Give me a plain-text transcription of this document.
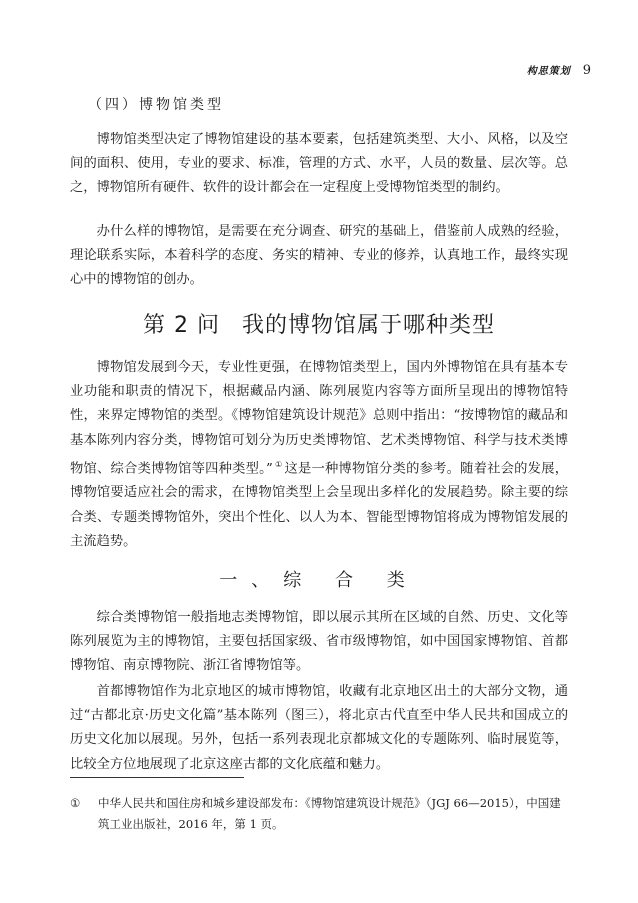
构思策划 9
（四）博物馆类型

博物馆类型决定了博物馆建设的基本要素，包括建筑类型、大小、风格，以及空间的面积、使用，专业的要求、标准，管理的方式、水平，人员的数量、层次等。总之，博物馆所有硬件、软件的设计都会在一定程度上受博物馆类型的制约。

办什么样的博物馆，是需要在充分调查、研究的基础上，借鉴前人成熟的经验，理论联系实际，本着科学的态度、务实的精神、专业的修养，认真地工作，最终实现心中的博物馆的创办。

第 2 问 我的博物馆属于哪种类型

博物馆发展到今天，专业性更强，在博物馆类型上，国内外博物馆在具有基本专业功能和职责的情况下，根据藏品内涵、陈列展览内容等方面所呈现出的博物馆特性，来界定博物馆的类型。《博物馆建筑设计规范》总则中指出：“按博物馆的藏品和基本陈列内容分类，博物馆可划分为历史类博物馆、艺术类博物馆、科学与技术类博物馆、综合类博物馆等四种类型。” ① 这是一种博物馆分类的参考。随着社会的发展，博物馆要适应社会的需求，在博物馆类型上会呈现出多样化的发展趋势。除主要的综合类、专题类博物馆外，突出个性化、以人为本、智能型博物馆将成为博物馆发展的主流趋势。

一、综 合 类

综合类博物馆一般指地志类博物馆，即以展示其所在区域的自然、历史、文化等陈列展览为主的博物馆，主要包括国家级、省市级博物馆，如中国国家博物馆、首都博物馆、南京博物院、浙江省博物馆等。

首都博物馆作为北京地区的城市博物馆，收藏有北京地区出土的大部分文物，通过“古都北京·历史文化篇”基本陈列（图三），将北京古代直至中华人民共和国成立的历史文化加以展现。另外，包括一系列表现北京都城文化的专题陈列、临时展览等，比较全方位地展现了北京这座古都的文化底蕴和魅力。

①	中华人民共和国住房和城乡建设部发布：《博物馆建筑设计规范》（JGJ 66—2015），中国建筑工业出版社，2016 年，第 1 页。
